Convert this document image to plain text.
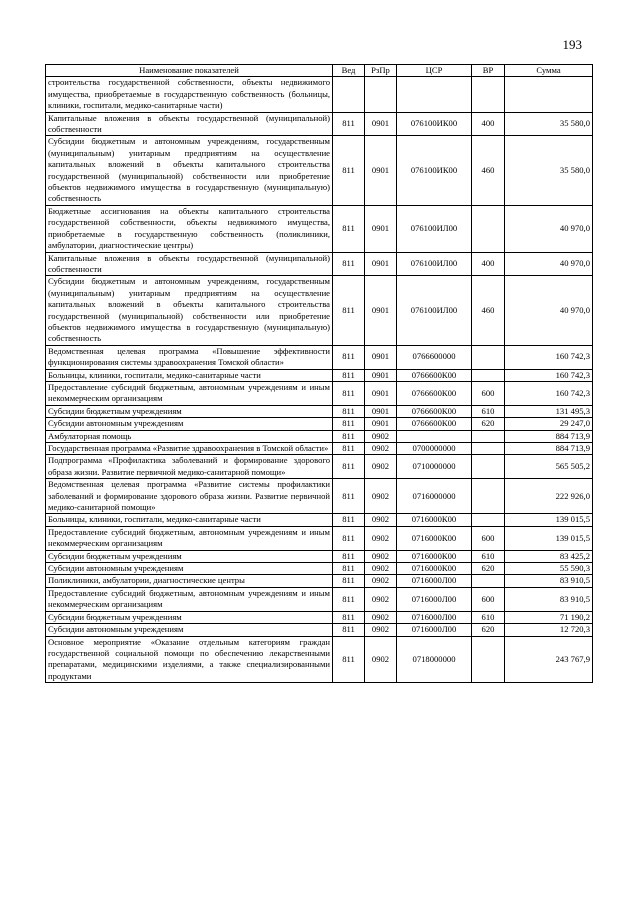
193
Наименование показателей	Вед	РзПр	ЦСР	ВР	Сумма
строительства государственной собственности, объекты недвижимого имущества, приобретаемые в государственную собственность (больницы, клиники, госпитали, медико-санитарные части)					
Капитальные вложения в объекты государственной (муниципальной) собственности	811	0901	076100ИК00	400	35 580,0
Субсидии бюджетным и автономным учреждениям, государственным (муниципальным) унитарным предприятиям на осуществление капитальных вложений в объекты капитального строительства государственной (муниципальной) собственности или приобретение объектов недвижимого имущества в государственную (муниципальную) собственность	811	0901	076100ИК00	460	35 580,0
Бюджетные ассигнования на объекты капитального строительства государственной собственности, объекты недвижимого имущества, приобретаемые в государственную собственность (поликлиники, амбулатории, диагностические центры)	811	0901	076100ИЛ00		40 970,0
Капитальные вложения в объекты государственной (муниципальной) собственности	811	0901	076100ИЛ00	400	40 970,0
Субсидии бюджетным и автономным учреждениям, государственным (муниципальным) унитарным предприятиям на осуществление капитальных вложений в объекты капитального строительства государственной (муниципальной) собственности или приобретение объектов недвижимого имущества в государственную (муниципальную) собственность	811	0901	076100ИЛ00	460	40 970,0
Ведомственная целевая программа «Повышение эффективности функционирования системы здравоохранения Томской области»	811	0901	0766600000		160 742,3
Больницы, клиники, госпитали, медико-санитарные части	811	0901	0766600К00		160 742,3
Предоставление субсидий бюджетным, автономным учреждениям и иным некоммерческим организациям	811	0901	0766600К00	600	160 742,3
Субсидии бюджетным учреждениям	811	0901	0766600К00	610	131 495,3
Субсидии автономным учреждениям	811	0901	0766600К00	620	29 247,0
Амбулаторная помощь	811	0902			884 713,9
Государственная программа «Развитие здравоохранения в Томской области»	811	0902	0700000000		884 713,9
Подпрограмма «Профилактика заболеваний и формирование здорового образа жизни. Развитие первичной медико-санитарной помощи»	811	0902	0710000000		565 505,2
Ведомственная целевая программа «Развитие системы профилактики заболеваний и формирование здорового образа жизни. Развитие первичной медико-санитарной помощи»	811	0902	0716000000		222 926,0
Больницы, клиники, госпитали, медико-санитарные части	811	0902	0716000К00		139 015,5
Предоставление субсидий бюджетным, автономным учреждениям и иным некоммерческим организациям	811	0902	0716000К00	600	139 015,5
Субсидии бюджетным учреждениям	811	0902	0716000К00	610	83 425,2
Субсидии автономным учреждениям	811	0902	0716000К00	620	55 590,3
Поликлиники, амбулатории, диагностические центры	811	0902	0716000Л00		83 910,5
Предоставление субсидий бюджетным, автономным учреждениям и иным некоммерческим организациям	811	0902	0716000Л00	600	83 910,5
Субсидии бюджетным учреждениям	811	0902	0716000Л00	610	71 190,2
Субсидии автономным учреждениям	811	0902	0716000Л00	620	12 720,3
Основное мероприятие «Оказание отдельным категориям граждан государственной социальной помощи по обеспечению лекарственными препаратами, медицинскими изделиями, а также специализированными продуктами	811	0902	0718000000		243 767,9
